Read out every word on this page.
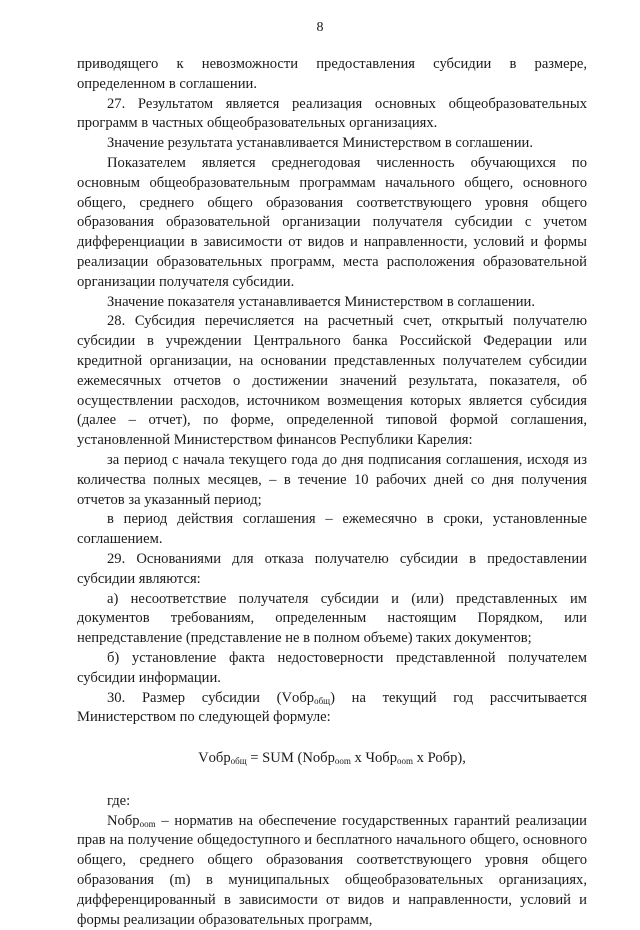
8

приводящего к невозможности предоставления субсидии в размере, определенном в соглашении.

27. Результатом является реализация основных общеобразовательных программ в частных общеобразовательных организациях.

Значение результата устанавливается Министерством в соглашении.

Показателем является среднегодовая численность обучающихся по основным общеобразовательным программам начального общего, основного общего, среднего общего образования соответствующего уровня общего образования образовательной организации получателя субсидии с учетом дифференциации в зависимости от видов и направленности, условий и формы реализации образовательных программ, места расположения образовательной организации получателя субсидии.

Значение показателя устанавливается Министерством в соглашении.

28. Субсидия перечисляется на расчетный счет, открытый получателю субсидии в учреждении Центрального банка Российской Федерации или кредитной организации, на основании представленных получателем субсидии ежемесячных отчетов о достижении значений результата, показателя, об осуществлении расходов, источником возмещения которых является субсидия (далее – отчет), по форме, определенной типовой формой соглашения, установленной Министерством финансов Республики Карелия:

за период с начала текущего года до дня подписания соглашения, исходя из количества полных месяцев, – в течение 10 рабочих дней со дня получения отчетов за указанный период;

в период действия соглашения – ежемесячно в сроки, установленные соглашением.

29. Основаниями для отказа получателю субсидии в предоставлении субсидии являются:

а) несоответствие получателя субсидии и (или) представленных им документов требованиям, определенным настоящим Порядком, или непредставление (представление не в полном объеме) таких документов;

б) установление факта недостоверности представленной получателем субсидии информации.

30. Размер субсидии (Vобр$_{общ}$) на текущий год рассчитывается Министерством по следующей формуле:

Vобр$_{общ}$ = SUM (Nобр$_{oom}$ x Чобр$_{oom}$ x Робр),

где:

Nобр$_{oom}$ – норматив на обеспечение государственных гарантий реализации прав на получение общедоступного и бесплатного начального общего, основного общего, среднего общего образования соответствующего уровня общего образования (m) в муниципальных общеобразовательных организациях, дифференцированный в зависимости от видов и направленности, условий и формы реализации образовательных программ,
